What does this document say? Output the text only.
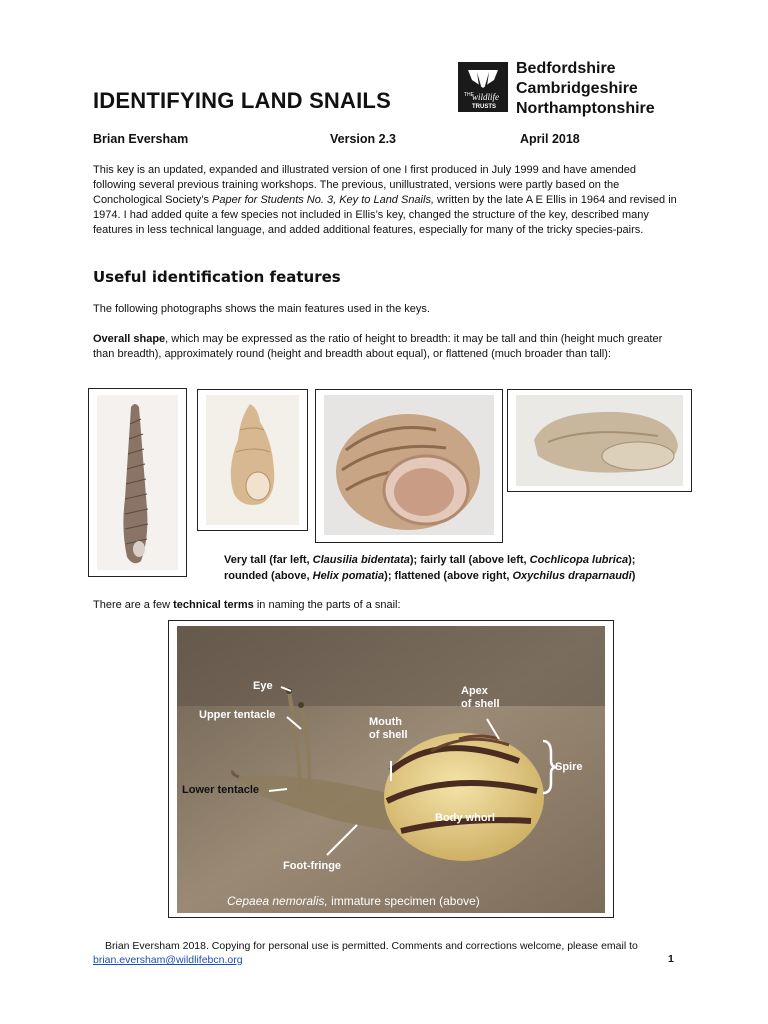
IDENTIFYING LAND SNAILS	THE
wildlife
TRUSTS
Bedfordshire
Cambridgeshire
Northamptonshire
Brian Eversham	Version 2.3	April 2018
This key is an updated, expanded and illustrated version of one I first produced in July 1999 and have amended following several previous training workshops. The previous, unillustrated, versions were partly based on the Conchological Society’s Paper for Students No. 3, Key to Land Snails, written by the late A E Ellis in 1964 and revised in 1974. I had added quite a few species not included in Ellis’s key, changed the structure of the key, described many features in less technical language, and added additional features, especially for many of the tricky species-pairs.
Useful identification features
The following photographs shows the main features used in the keys.
Overall shape, which may be expressed as the ratio of height to breadth: it may be tall and thin (height much greater than breadth), approximately round (height and breadth about equal), or flattened (much broader than tall):
Very tall (far left, Clausilia bidentata); fairly tall (above left, Cochlicopa lubrica);
rounded (above, Helix pomatia); flattened (above right, Oxychilus draparnaudi)
There are a few technical terms in naming the parts of a snail:
Eye
Upper tentacle
Lower tentacle
Mouth
of shell
Apex
of shell
Spire
Body whorl
Foot-fringe
Cepaea nemoralis, immature specimen (above)
Brian Eversham 2018. Copying for personal use is permitted. Comments and corrections welcome, please email to
brian.eversham@wildlifebcn.org	1
